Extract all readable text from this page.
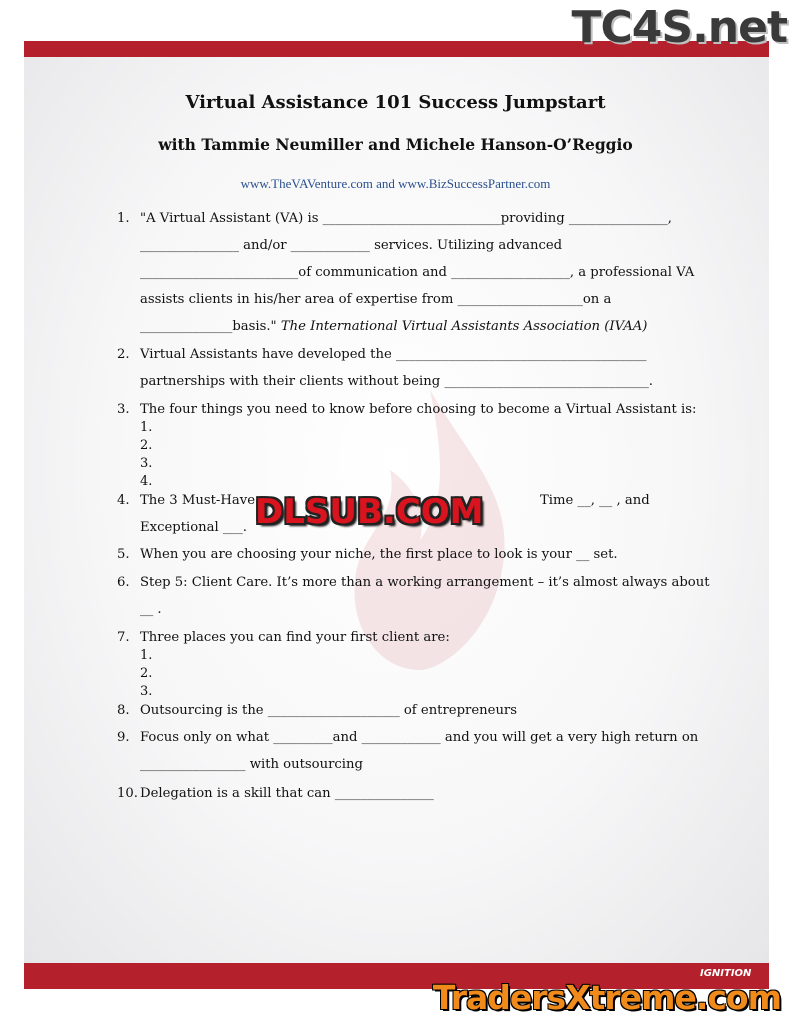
TC4S.net
IGNITION
TradersXtreme.com
Virtual Assistance 101 Success Jumpstart
with Tammie Neumiller and Michele Hanson-O’Reggio
www.TheVAVenture.com and www.BizSuccessPartner.com
1. "A Virtual Assistant (VA) is ___________________________providing _______________,
_______________ and/or ____________ services. Utilizing advanced
________________________of communication and __________________, a professional VA
assists clients in his/her area of expertise from ___________________on a
______________basis." The International Virtual Assistants Association (IVAA)
2. Virtual Assistants have developed the ______________________________________
partnerships with their clients without being _______________________________.
3. The four things you need to know before choosing to become a Virtual Assistant is:
1.
2.
3.
4.
4. The 3 Must-Have	Time __, __ , and
Exceptional ___.
5. When you are choosing your niche, the first place to look is your __ set.
6. Step 5: Client Care. It’s more than a working arrangement – it’s almost always about
__ .
7. Three places you can find your first client are:
1.
2.
3.
8. Outsourcing is the ____________________ of entrepreneurs
9. Focus only on what _________and ____________ and you will get a very high return on
________________ with outsourcing
10. Delegation is a skill that can _______________
DLSUB.COM
